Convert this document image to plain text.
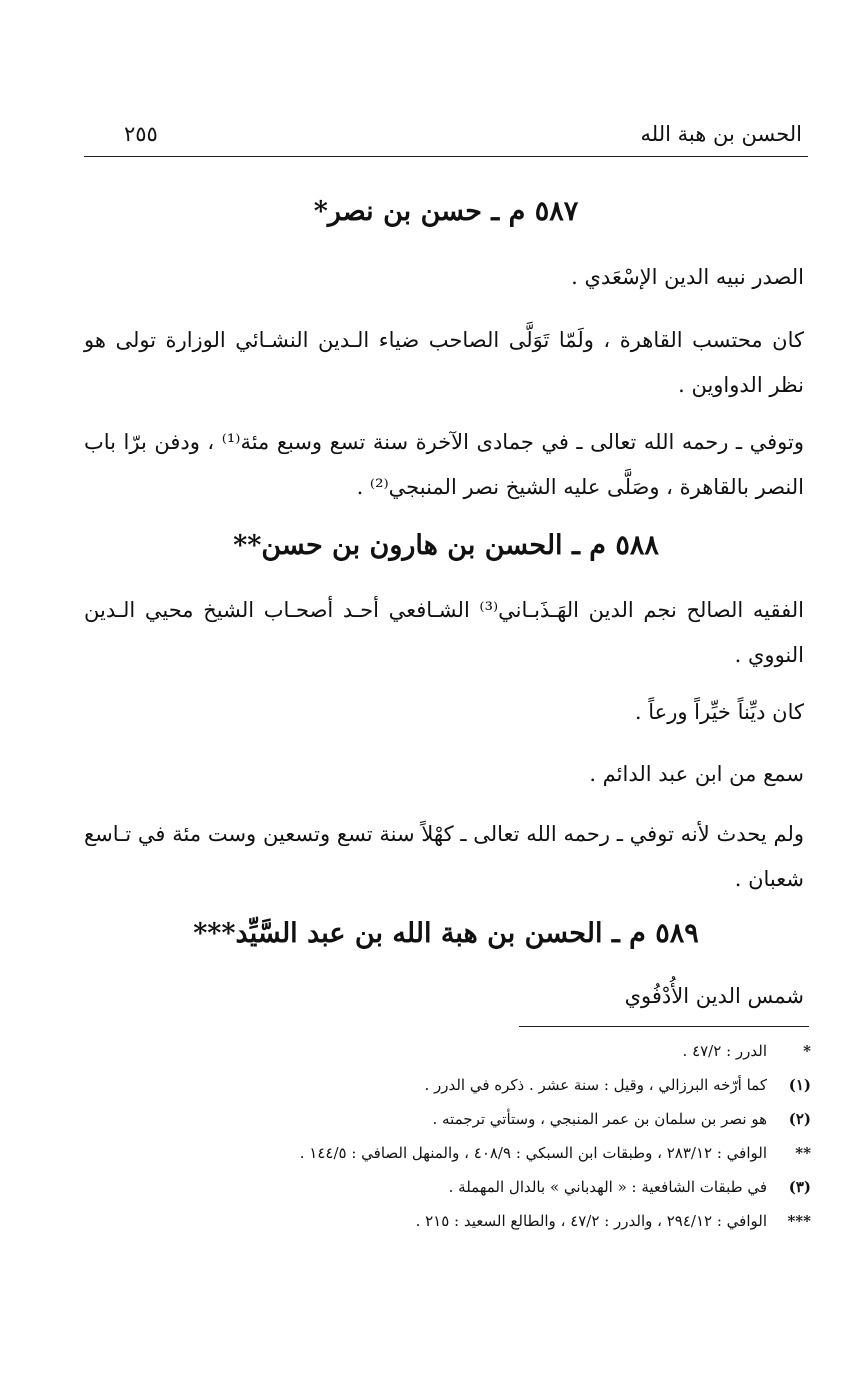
الحسن بن هبة الله
٢٥٥
٥٨٧ م ـ حسن بن نصر*
الصدر نبيه الدين الإسْعَدي .
كان محتسب القاهرة ، ولَمّا تَوَلَّى الصاحب ضياء الـدين النشـائي الوزارة تولى هو نظر الدواوين .
وتوفي ـ رحمه الله تعالى ـ في جمادى الآخرة سنة تسع وسبع مئة⁽¹⁾ ، ودفن برّا باب النصر بالقاهرة ، وصَلَّى عليه الشيخ نصر المنبجي⁽²⁾ .
٥٨٨ م ـ الحسن بن هارون بن حسن**
الفقيه الصالح نجم الدين الهَـذَبـاني⁽³⁾ الشـافعي أحـد أصحـاب الشيخ محيي الـدين النووي .
كان ديِّناً خيِّراً ورعاً .
سمع من ابن عبد الدائم .
ولم يحدث لأنه توفي ـ رحمه الله تعالى ـ كهْلاً سنة تسع وتسعين وست مئة في تـاسع شعبان .
٥٨٩ م ـ الحسن بن هبة الله بن عبد السَّيِّد***
شمس الدين الأُدْفُوي
*
الدرر : ٤٧/٢ .
(١)
كما أرّخه البرزالي ، وقيل : سنة عشر . ذكره في الدرر .
(٢)
هو نصر بن سلمان بن عمر المنبجي ، وستأتي ترجمته .
**
الوافي : ٢٨٣/١٢ ، وطبقات ابن السبكي : ٤٠٨/٩ ، والمنهل الصافي : ١٤٤/٥ .
(٣)
في طبقات الشافعية : « الهدباني » بالدال المهملة .
***
الوافي : ٢٩٤/١٢ ، والدرر : ٤٧/٢ ، والطالع السعيد : ٢١٥ .
